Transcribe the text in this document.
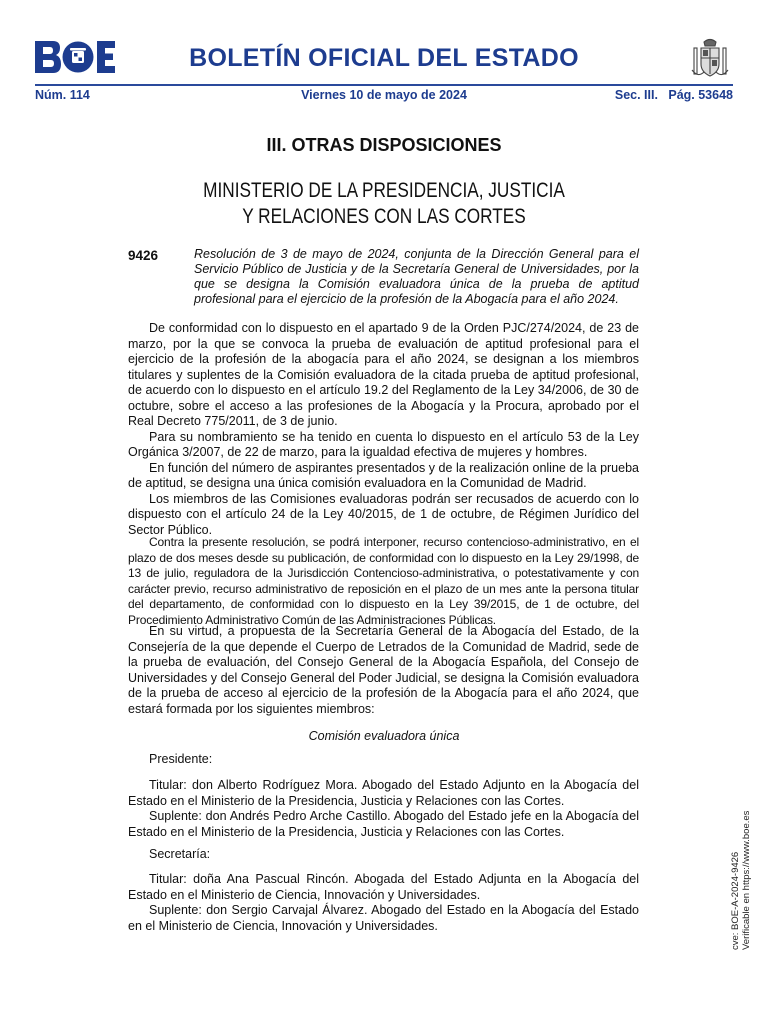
BOLETÍN OFICIAL DEL ESTADO
Núm. 114	Viernes 10 de mayo de 2024	Sec. III.   Pág. 53648
III. OTRAS DISPOSICIONES
MINISTERIO DE LA PRESIDENCIA, JUSTICIA
Y RELACIONES CON LAS CORTES
9426	Resolución de 3 de mayo de 2024, conjunta de la Dirección General para el Servicio Público de Justicia y de la Secretaría General de Universidades, por la que se designa la Comisión evaluadora única de la prueba de aptitud profesional para el ejercicio de la profesión de la Abogacía para el año 2024.

De conformidad con lo dispuesto en el apartado 9 de la Orden PJC/274/2024, de 23 de marzo, por la que se convoca la prueba de evaluación de aptitud profesional para el ejercicio de la profesión de la abogacía para el año 2024, se designan a los miembros titulares y suplentes de la Comisión evaluadora de la citada prueba de aptitud profesional, de acuerdo con lo dispuesto en el artículo 19.2 del Reglamento de la Ley 34/2006, de 30 de octubre, sobre el acceso a las profesiones de la Abogacía y la Procura, aprobado por el Real Decreto 775/2011, de 3 de junio.

Para su nombramiento se ha tenido en cuenta lo dispuesto en el artículo 53 de la Ley Orgánica 3/2007, de 22 de marzo, para la igualdad efectiva de mujeres y hombres.

En función del número de aspirantes presentados y de la realización online de la prueba de aptitud, se designa una única comisión evaluadora en la Comunidad de Madrid.

Los miembros de las Comisiones evaluadoras podrán ser recusados de acuerdo con lo dispuesto con el artículo 24 de la Ley 40/2015, de 1 de octubre, de Régimen Jurídico del Sector Público.

Contra la presente resolución, se podrá interponer, recurso contencioso-administrativo, en el plazo de dos meses desde su publicación, de conformidad con lo dispuesto en la Ley 29/1998, de 13 de julio, reguladora de la Jurisdicción Contencioso-administrativa, o potestativamente y con carácter previo, recurso administrativo de reposición en el plazo de un mes ante la persona titular del departamento, de conformidad con lo dispuesto en la Ley 39/2015, de 1 de octubre, del Procedimiento Administrativo Común de las Administraciones Públicas.

En su virtud, a propuesta de la Secretaría General de la Abogacía del Estado, de la Consejería de la que depende el Cuerpo de Letrados de la Comunidad de Madrid, sede de la prueba de evaluación, del Consejo General de la Abogacía Española, del Consejo de Universidades y del Consejo General del Poder Judicial, se designa la Comisión evaluadora de la prueba de acceso al ejercicio de la profesión de la Abogacía para el año 2024, que estará formada por los siguientes miembros:

Comisión evaluadora única

Presidente:

Titular: don Alberto Rodríguez Mora. Abogado del Estado Adjunto en la Abogacía del Estado en el Ministerio de la Presidencia, Justicia y Relaciones con las Cortes.

Suplente: don Andrés Pedro Arche Castillo. Abogado del Estado jefe en la Abogacía del Estado en el Ministerio de la Presidencia, Justicia y Relaciones con las Cortes.

Secretaría:

Titular: doña Ana Pascual Rincón. Abogada del Estado Adjunta en la Abogacía del Estado en el Ministerio de Ciencia, Innovación y Universidades.

Suplente: don Sergio Carvajal Álvarez. Abogado del Estado en la Abogacía del Estado en el Ministerio de Ciencia, Innovación y Universidades.	cve: BOE-A-2024-9426 Verificable en https://www.boe.es
